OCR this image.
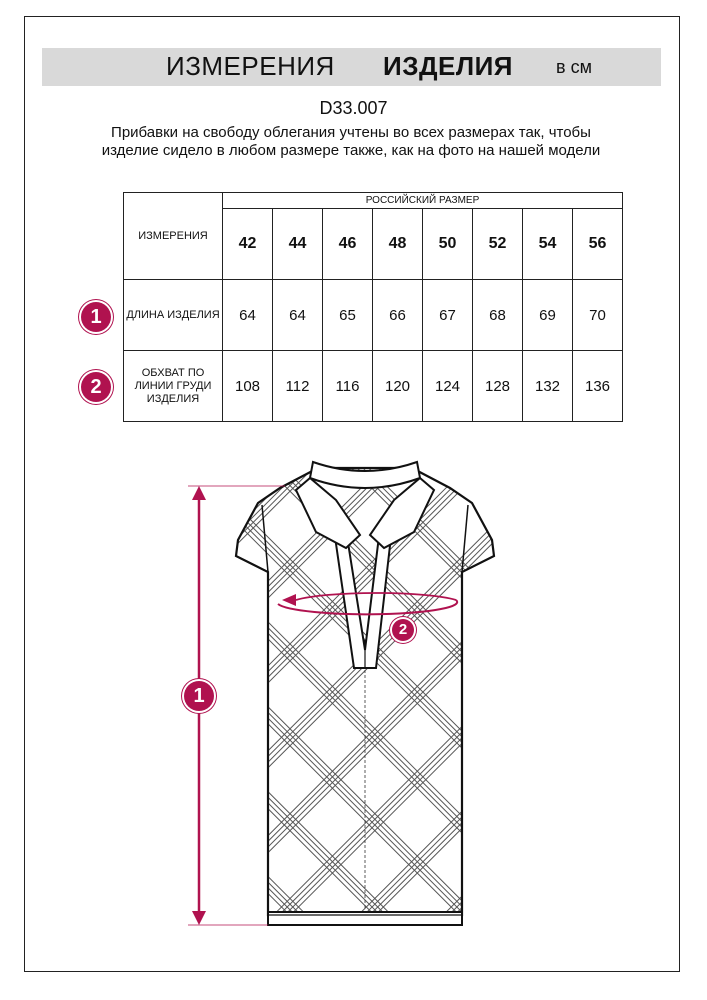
ИЗМЕРЕНИЯ ИЗДЕЛИЯ в см
D33.007
Прибавки на свободу облегания учтены во всех размерах так, чтобы изделие сидело в любом размере также, как на фото на нашей модели
ИЗМЕРЕНИЯ	РОССИЙСКИЙ РАЗМЕР							
	42	44	46	48	50	52	54	56
ДЛИНА ИЗДЕЛИЯ	64	64	65	66	67	68	69	70
ОБХВАТ ПО ЛИНИИ ГРУДИ ИЗДЕЛИЯ	108	112	116	120	124	128	132	136
1
2
1
2
